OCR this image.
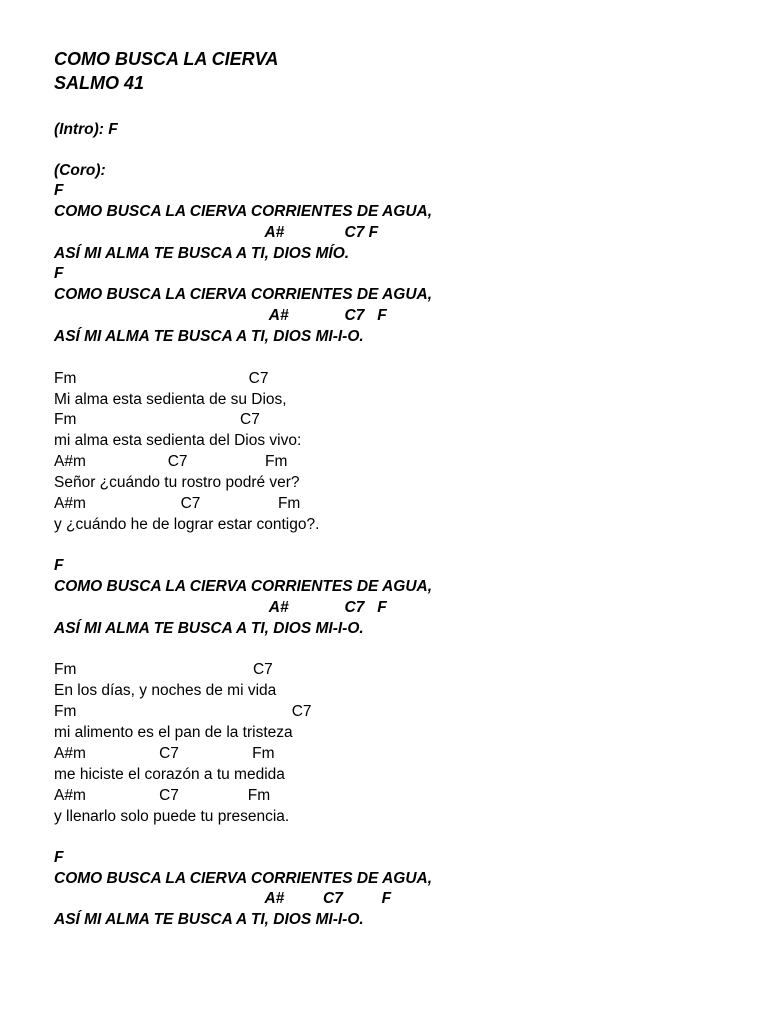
COMO BUSCA LA CIERVA
SALMO 41
(Intro): F
(Coro):
F
COMO BUSCA LA CIERVA CORRIENTES DE AGUA,
A#              C7 F
ASÍ MI ALMA TE BUSCA A TI, DIOS MÍO.
F
COMO BUSCA LA CIERVA CORRIENTES DE AGUA,
A#             C7   F
ASÍ MI ALMA TE BUSCA A TI, DIOS MI-I-O.
Fm                                        C7
Mi alma esta sedienta de su Dios,
Fm                                      C7
mi alma esta sedienta del Dios vivo:
A#m                   C7                  Fm
Señor ¿cuándo tu rostro podré ver?
A#m                      C7                  Fm
y ¿cuándo he de lograr estar contigo?.
F
COMO BUSCA LA CIERVA CORRIENTES DE AGUA,
A#             C7   F
ASÍ MI ALMA TE BUSCA A TI, DIOS MI-I-O.
Fm                                         C7
En los días, y noches de mi vida
Fm                                                  C7
mi alimento es el pan de la tristeza
A#m                 C7                 Fm
me hiciste el corazón a tu medida
A#m                 C7                Fm
y llenarlo solo puede tu presencia.
F
COMO BUSCA LA CIERVA CORRIENTES DE AGUA,
A#         C7         F
ASÍ MI ALMA TE BUSCA A TI, DIOS MI-I-O.
